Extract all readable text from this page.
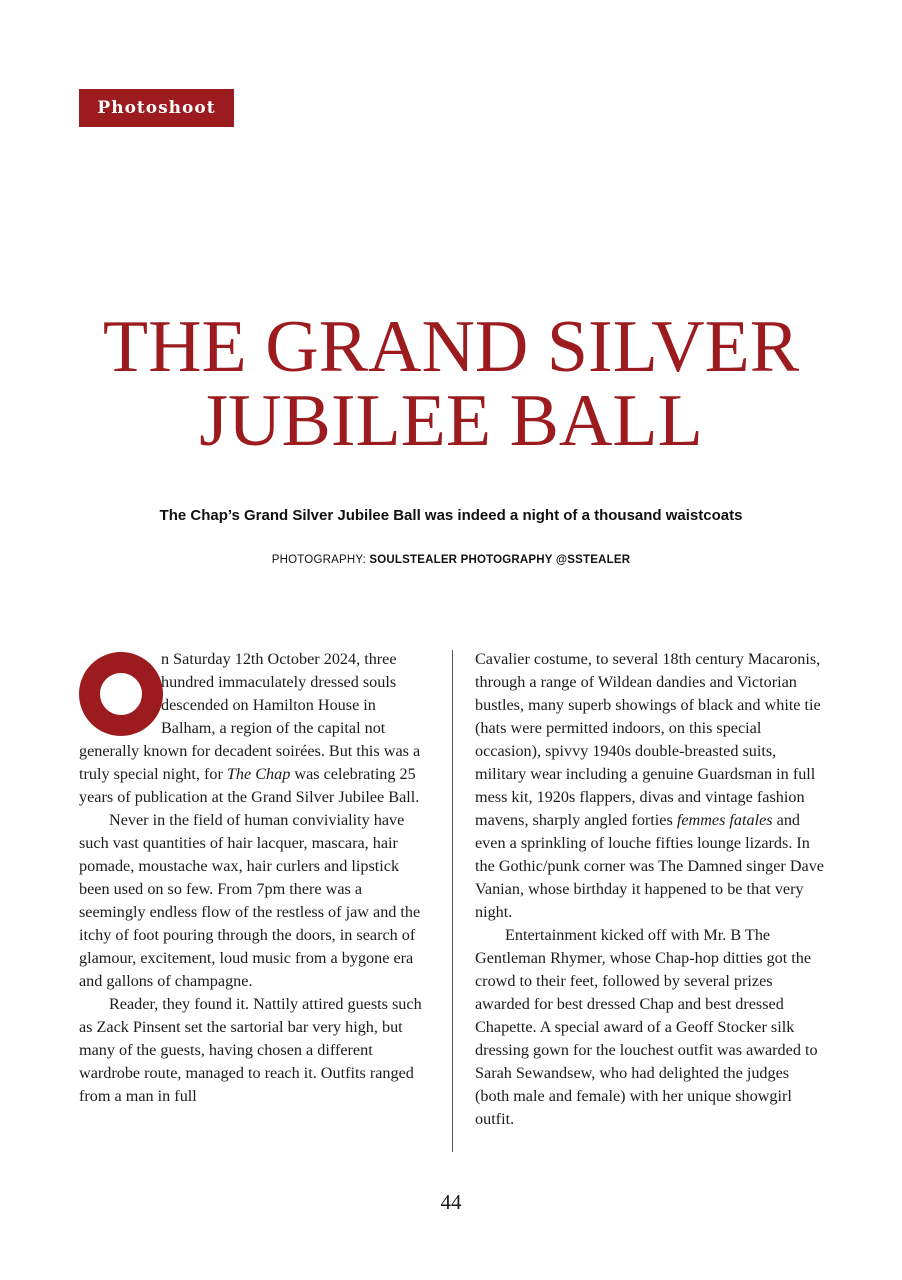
Photoshoot
THE GRAND SILVER
JUBILEE BALL

The Chap’s Grand Silver Jubilee Ball was indeed a night of a thousand waistcoats

PHOTOGRAPHY: SOULSTEALER PHOTOGRAPHY @SSTEALER

n Saturday 12th October 2024, three hundred immaculately dressed souls descended on Hamilton House in Balham, a region of the capital not generally known for decadent soirées. But this was a truly special night, for The Chap was celebrating 25 years of publication at the Grand Silver Jubilee Ball.

Never in the field of human conviviality have such vast quantities of hair lacquer, mascara, hair pomade, moustache wax, hair curlers and lipstick been used on so few. From 7pm there was a seemingly endless flow of the restless of jaw and the itchy of foot pouring through the doors, in search of glamour, excitement, loud music from a bygone era and gallons of champagne.

Reader, they found it. Nattily attired guests such as Zack Pinsent set the sartorial bar very high, but many of the guests, having chosen a different wardrobe route, managed to reach it. Outfits ranged from a man in full

Cavalier costume, to several 18th century Macaronis, through a range of Wildean dandies and Victorian bustles, many superb showings of black and white tie (hats were permitted indoors, on this special occasion), spivvy 1940s double-breasted suits, military wear including a genuine Guardsman in full mess kit, 1920s flappers, divas and vintage fashion mavens, sharply angled forties femmes fatales and even a sprinkling of louche fifties lounge lizards. In the Gothic/punk corner was The Damned singer Dave Vanian, whose birthday it happened to be that very night.

Entertainment kicked off with Mr. B The Gentleman Rhymer, whose Chap-hop ditties got the crowd to their feet, followed by several prizes awarded for best dressed Chap and best dressed Chapette. A special award of a Geoff Stocker silk dressing gown for the louchest outfit was awarded to Sarah Sewandsew, who had delighted the judges (both male and female) with her unique showgirl outfit.

44
